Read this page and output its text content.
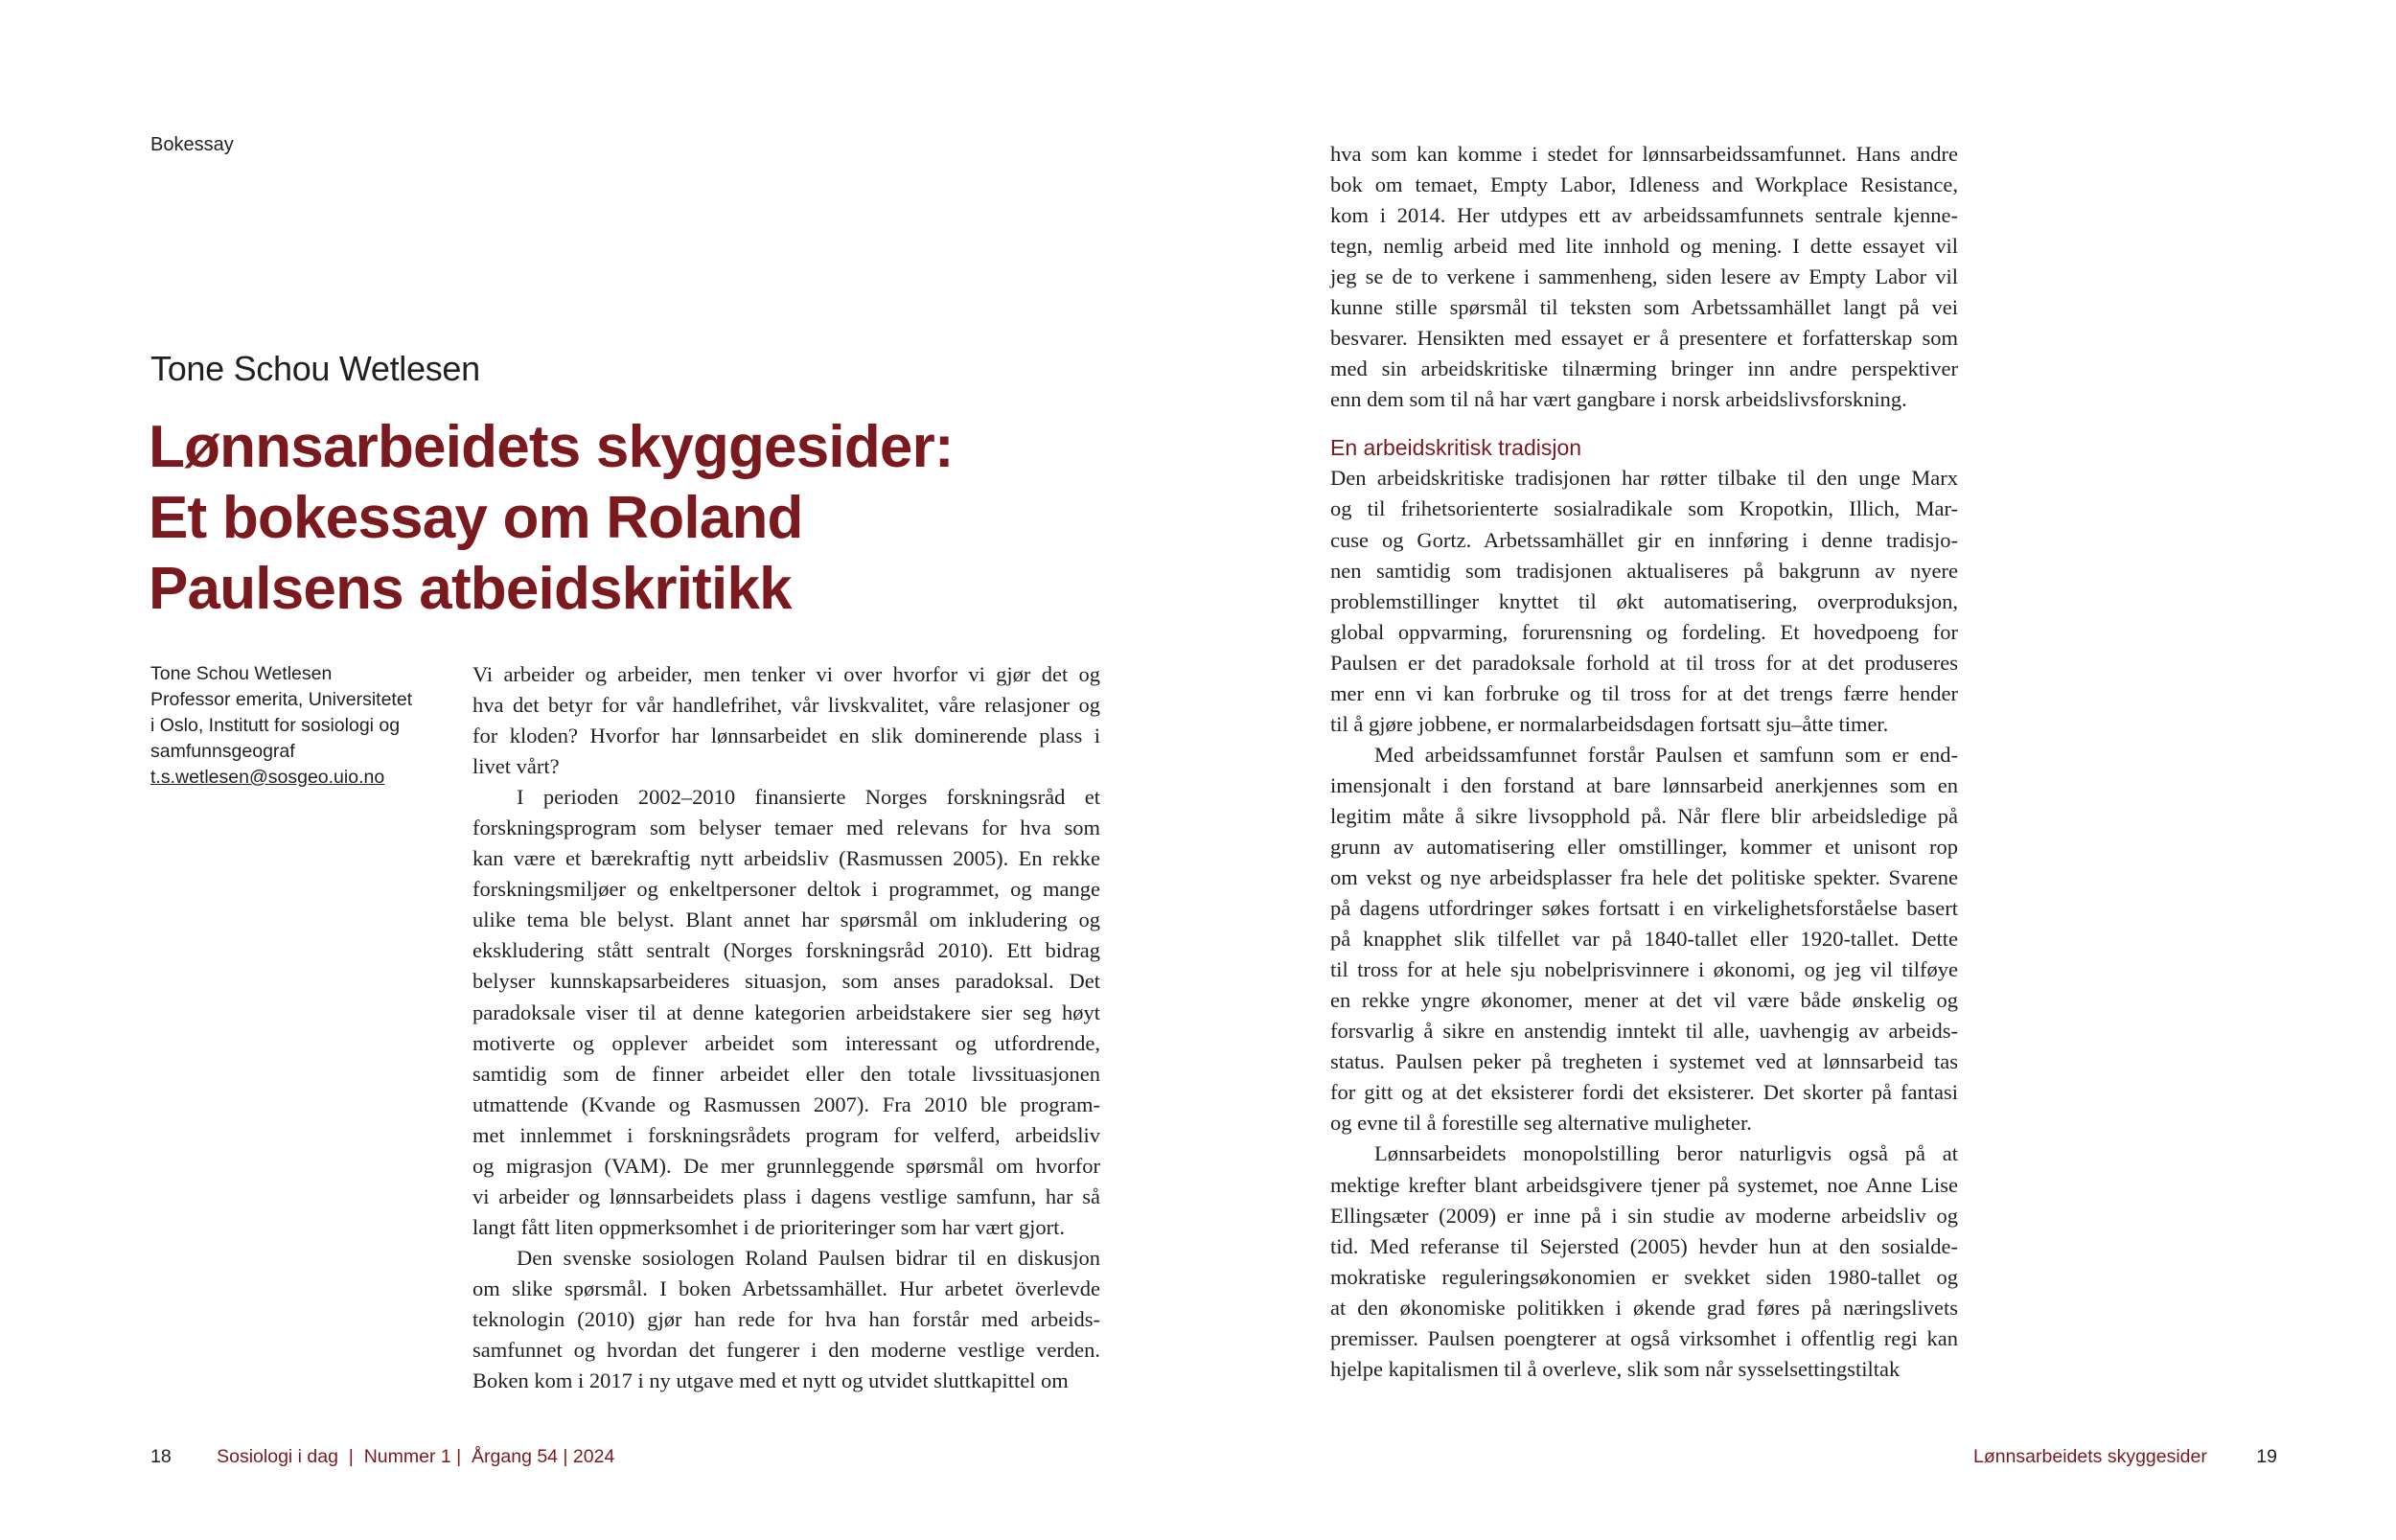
Bokessay
Tone Schou Wetlesen
Lønnsarbeidets skyggesider:
Et bokessay om Roland
Paulsens atbeidskritikk
Tone Schou Wetlesen
Professor emerita, Universitetet
i Oslo, Institutt for sosiologi og
samfunnsgeograf
t.s.wetlesen@sosgeo.uio.no
Vi arbeider og arbeider, men tenker vi over hvorfor vi gjør det og
hva det betyr for vår handlefrihet, vår livskvalitet, våre relasjoner og
for kloden? Hvorfor har lønnsarbeidet en slik dominerende plass i
livet vårt?
I perioden 2002–2010 finansierte Norges forskningsråd et
forskningsprogram som belyser temaer med relevans for hva som
kan være et bærekraftig nytt arbeidsliv (Rasmussen 2005). En rekke
forskningsmiljøer og enkeltpersoner deltok i programmet, og mange
ulike tema ble belyst. Blant annet har spørsmål om inkludering og
ekskludering stått sentralt (Norges forskningsråd 2010). Ett bidrag
belyser kunnskapsarbeideres situasjon, som anses paradoksal. Det
paradoksale viser til at denne kategorien arbeidstakere sier seg høyt
motiverte og opplever arbeidet som interessant og utfordrende,
samtidig som de finner arbeidet eller den totale livssituasjonen
utmattende (Kvande og Rasmussen 2007). Fra 2010 ble program-
met innlemmet i forskningsrådets program for velferd, arbeidsliv
og migrasjon (VAM). De mer grunnleggende spørsmål om hvorfor
vi arbeider og lønnsarbeidets plass i dagens vestlige samfunn, har så
langt fått liten oppmerksomhet i de prioriteringer som har vært gjort.
Den svenske sosiologen Roland Paulsen bidrar til en diskusjon
om slike spørsmål. I boken Arbetssamhället. Hur arbetet överlevde
teknologin (2010) gjør han rede for hva han forstår med arbeids-
samfunnet og hvordan det fungerer i den moderne vestlige verden.
Boken kom i 2017 i ny utgave med et nytt og utvidet sluttkapittel om
hva som kan komme i stedet for lønnsarbeidssamfunnet. Hans andre
bok om temaet, Empty Labor, Idleness and Workplace Resistance,
kom i 2014. Her utdypes ett av arbeidssamfunnets sentrale kjenne-
tegn, nemlig arbeid med lite innhold og mening. I dette essayet vil
jeg se de to verkene i sammenheng, siden lesere av Empty Labor vil
kunne stille spørsmål til teksten som Arbetssamhället langt på vei
besvarer. Hensikten med essayet er å presentere et forfatterskap som
med sin arbeidskritiske tilnærming bringer inn andre perspektiver
enn dem som til nå har vært gangbare i norsk arbeidslivsforskning.
En arbeidskritisk tradisjon
Den arbeidskritiske tradisjonen har røtter tilbake til den unge Marx
og til frihetsorienterte sosialradikale som Kropotkin, Illich, Mar-
cuse og Gortz. Arbetssamhället gir en innføring i denne tradisjo-
nen samtidig som tradisjonen aktualiseres på bakgrunn av nyere
problemstillinger knyttet til økt automatisering, overproduksjon,
global oppvarming, forurensning og fordeling. Et hovedpoeng for
Paulsen er det paradoksale forhold at til tross for at det produseres
mer enn vi kan forbruke og til tross for at det trengs færre hender
til å gjøre jobbene, er normalarbeidsdagen fortsatt sju–åtte timer.
Med arbeidssamfunnet forstår Paulsen et samfunn som er end-
imensjonalt i den forstand at bare lønnsarbeid anerkjennes som en
legitim måte å sikre livsopphold på. Når flere blir arbeidsledige på
grunn av automatisering eller omstillinger, kommer et unisont rop
om vekst og nye arbeidsplasser fra hele det politiske spekter. Svarene
på dagens utfordringer søkes fortsatt i en virkelighetsforståelse basert
på knapphet slik tilfellet var på 1840-tallet eller 1920-tallet. Dette
til tross for at hele sju nobelprisvinnere i økonomi, og jeg vil tilføye
en rekke yngre økonomer, mener at det vil være både ønskelig og
forsvarlig å sikre en anstendig inntekt til alle, uavhengig av arbeids-
status. Paulsen peker på tregheten i systemet ved at lønnsarbeid tas
for gitt og at det eksisterer fordi det eksisterer. Det skorter på fantasi
og evne til å forestille seg alternative muligheter.
Lønnsarbeidets monopolstilling beror naturligvis også på at
mektige krefter blant arbeidsgivere tjener på systemet, noe Anne Lise
Ellingsæter (2009) er inne på i sin studie av moderne arbeidsliv og
tid. Med referanse til Sejersted (2005) hevder hun at den sosialde-
mokratiske reguleringsøkonomien er svekket siden 1980-tallet og
at den økonomiske politikken i økende grad føres på næringslivets
premisser. Paulsen poengterer at også virksomhet i offentlig regi kan
hjelpe kapitalismen til å overleve, slik som når sysselsettingstiltak
18 Sosiologi i dag  |  Nummer 1 |  Årgang 54 | 2024	Lønnsarbeidets skyggesider	19
